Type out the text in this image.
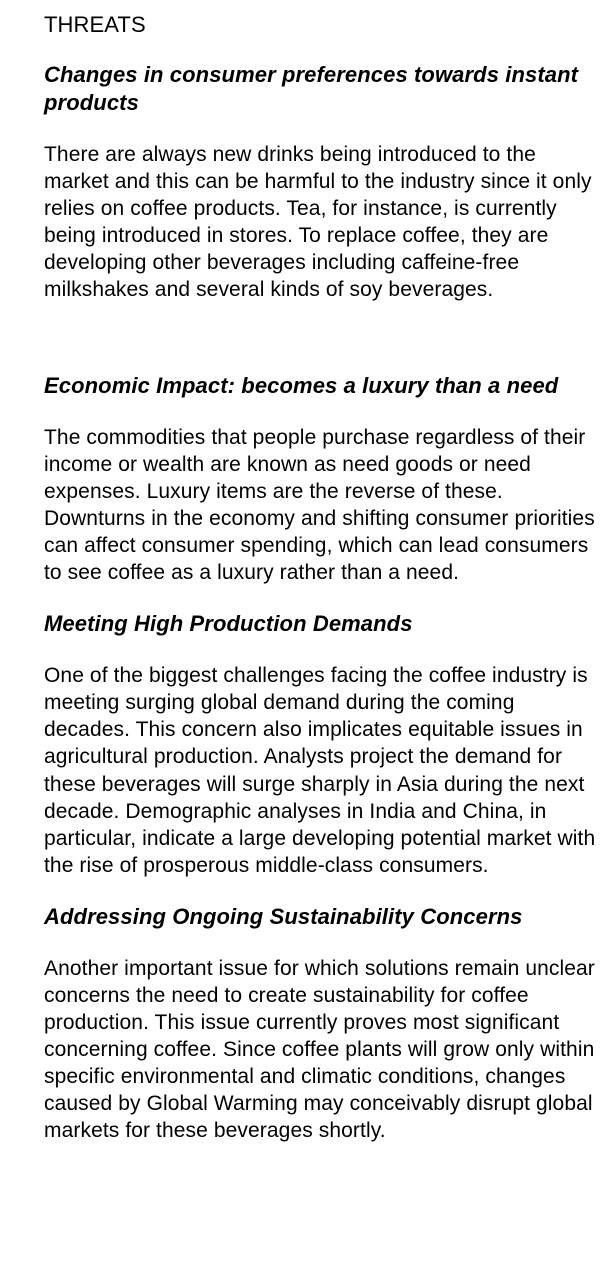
THREATS
Changes in consumer preferences towards instant products

There are always new drinks being introduced to the market and this can be harmful to the industry since it only relies on coffee products. Tea, for instance, is currently being introduced in stores. To replace coffee, they are developing other beverages including caffeine-free milkshakes and several kinds of soy beverages.

Economic Impact: becomes a luxury than a need

The commodities that people purchase regardless of their income or wealth are known as need goods or need expenses. Luxury items are the reverse of these. Downturns in the economy and shifting consumer priorities can affect consumer spending, which can lead consumers to see coffee as a luxury rather than a need.

Meeting High Production Demands

One of the biggest challenges facing the coffee industry is meeting surging global demand during the coming decades. This concern also implicates equitable issues in agricultural production. Analysts project the demand for these beverages will surge sharply in Asia during the next decade. Demographic analyses in India and China, in particular, indicate a large developing potential market with the rise of prosperous middle-class consumers.

Addressing Ongoing Sustainability Concerns

Another important issue for which solutions remain unclear concerns the need to create sustainability for coffee production. This issue currently proves most significant concerning coffee. Since coffee plants will grow only within specific environmental and climatic conditions, changes caused by Global Warming may conceivably disrupt global markets for these beverages shortly.
